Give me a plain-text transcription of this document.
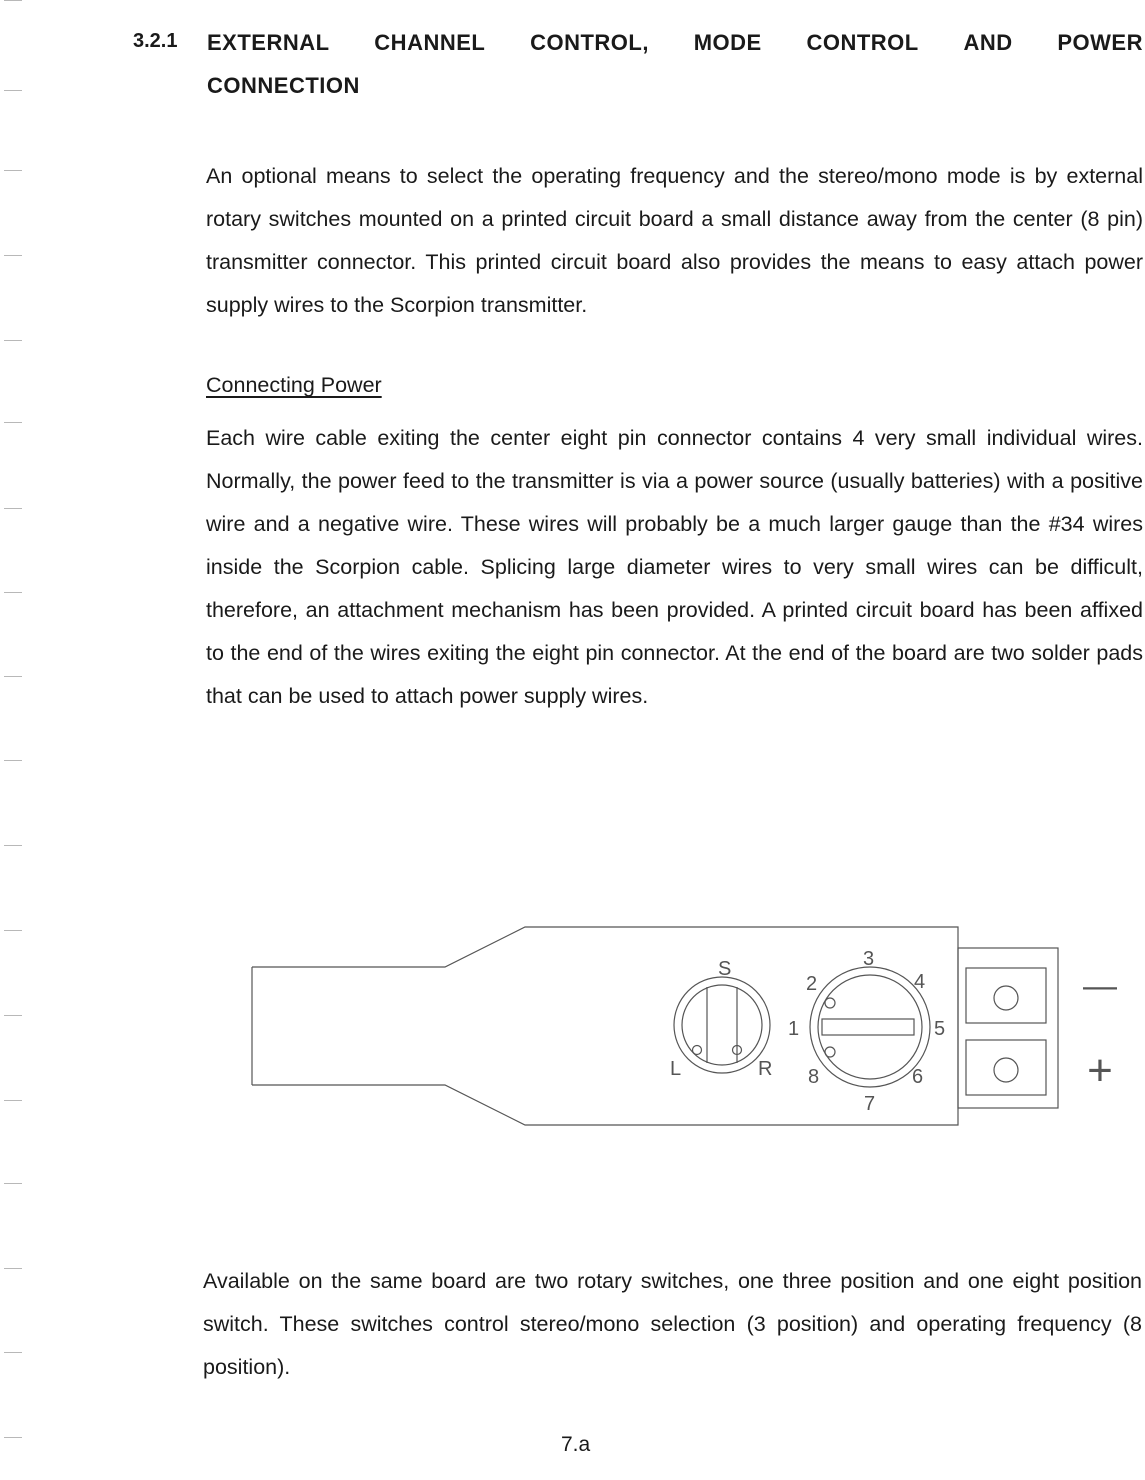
3.2.1 EXTERNAL CHANNEL CONTROL, MODE CONTROL AND POWER
CONNECTION

An optional means to select the operating frequency and the stereo/mono mode is by external rotary switches mounted on a printed circuit board a small distance away from the center (8 pin) transmitter connector. This printed circuit board also provides the means to easy attach power supply wires to the Scorpion transmitter.

Connecting Power

Each wire cable exiting the center eight pin connector contains 4 very small individual wires. Normally, the power feed to the transmitter is via a power source (usually batteries) with a positive wire and a negative wire. These wires will probably be a much larger gauge than the #34 wires inside the Scorpion cable. Splicing large diameter wires to very small wires can be difficult, therefore, an attachment mechanism has been provided. A printed circuit board has been affixed to the end of the wires exiting the eight pin connector. At the end of the board are two solder pads that can be used to attach power supply wires.

—
+
S
L	R
1
2
3
4
5
6
7
8

Available on the same board are two rotary switches, one three position and one eight position switch. These switches control stereo/mono selection (3 position) and operating frequency (8 position).

7.a
